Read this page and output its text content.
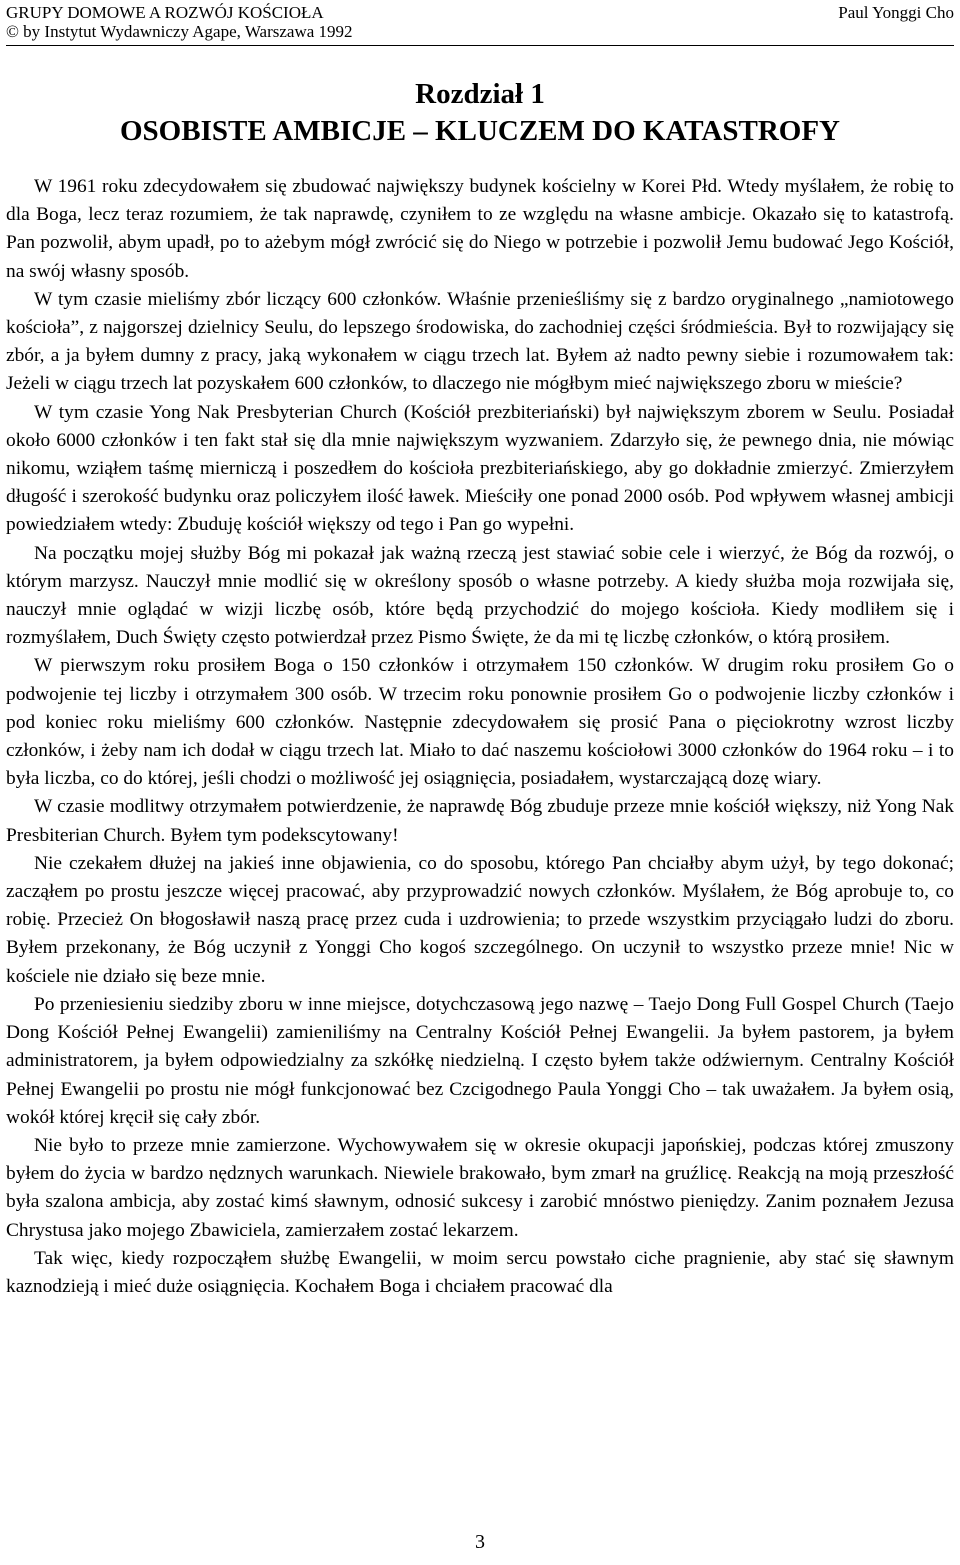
GRUPY DOMOWE A ROZWÓJ KOŚCIOŁA	Paul Yonggi Cho
© by Instytut Wydawniczy Agape, Warszawa 1992
Rozdział 1
OSOBISTE AMBICJE – KLUCZEM DO KATASTROFY

W 1961 roku zdecydowałem się zbudować największy budynek kościelny w Korei Płd. Wtedy myślałem, że robię to dla Boga, lecz teraz rozumiem, że tak naprawdę, czyniłem to ze względu na własne ambicje. Okazało się to katastrofą. Pan pozwolił, abym upadł, po to ażebym mógł zwrócić się do Niego w potrzebie i pozwolił Jemu budować Jego Kościół, na swój własny sposób.

W tym czasie mieliśmy zbór liczący 600 członków. Właśnie przenieśliśmy się z bardzo oryginalnego „namiotowego kościoła”, z najgorszej dzielnicy Seulu, do lepszego środowiska, do zachodniej części śródmieścia. Był to rozwijający się zbór, a ja byłem dumny z pracy, jaką wykonałem w ciągu trzech lat. Byłem aż nadto pewny siebie i rozumowałem tak: Jeżeli w ciągu trzech lat pozyskałem 600 członków, to dlaczego nie mógłbym mieć największego zboru w mieście?

W tym czasie Yong Nak Presbyterian Church (Kościół prezbiteriański) był największym zborem w Seulu. Posiadał około 6000 członków i ten fakt stał się dla mnie największym wyzwaniem. Zdarzyło się, że pewnego dnia, nie mówiąc nikomu, wziąłem taśmę mierniczą i poszedłem do kościoła prezbiteriańskiego, aby go dokładnie zmierzyć. Zmierzyłem długość i szerokość budynku oraz policzyłem ilość ławek. Mieściły one ponad 2000 osób. Pod wpływem własnej ambicji powiedziałem wtedy: Zbuduję kościół większy od tego i Pan go wypełni.

Na początku mojej służby Bóg mi pokazał jak ważną rzeczą jest stawiać sobie cele i wierzyć, że Bóg da rozwój, o którym marzysz. Nauczył mnie modlić się w określony sposób o własne potrzeby. A kiedy służba moja rozwijała się, nauczył mnie oglądać w wizji liczbę osób, które będą przychodzić do mojego kościoła. Kiedy modliłem się i rozmyślałem, Duch Święty często potwierdzał przez Pismo Święte, że da mi tę liczbę członków, o którą prosiłem.

W pierwszym roku prosiłem Boga o 150 członków i otrzymałem 150 członków. W drugim roku prosiłem Go o podwojenie tej liczby i otrzymałem 300 osób. W trzecim roku ponownie prosiłem Go o podwojenie liczby członków i pod koniec roku mieliśmy 600 członków. Następnie zdecydowałem się prosić Pana o pięciokrotny wzrost liczby członków, i żeby nam ich dodał w ciągu trzech lat. Miało to dać naszemu kościołowi 3000 członków do 1964 roku – i to była liczba, co do której, jeśli chodzi o możliwość jej osiągnięcia, posiadałem, wystarczającą dozę wiary.

W czasie modlitwy otrzymałem potwierdzenie, że naprawdę Bóg zbuduje przeze mnie kościół większy, niż Yong Nak Presbiterian Church. Byłem tym podekscytowany!

Nie czekałem dłużej na jakieś inne objawienia, co do sposobu, którego Pan chciałby abym użył, by tego dokonać; zacząłem po prostu jeszcze więcej pracować, aby przyprowadzić nowych członków. Myślałem, że Bóg aprobuje to, co robię. Przecież On błogosławił naszą pracę przez cuda i uzdrowienia; to przede wszystkim przyciągało ludzi do zboru. Byłem przekonany, że Bóg uczynił z Yonggi Cho kogoś szczególnego. On uczynił to wszystko przeze mnie! Nic w kościele nie działo się beze mnie.

Po przeniesieniu siedziby zboru w inne miejsce, dotychczasową jego nazwę – Taejo Dong Full Gospel Church (Taejo Dong Kościół Pełnej Ewangelii) zamieniliśmy na Centralny Kościół Pełnej Ewangelii. Ja byłem pastorem, ja byłem administratorem, ja byłem odpowiedzialny za szkółkę niedzielną. I często byłem także odźwiernym. Centralny Kościół Pełnej Ewangelii po prostu nie mógł funkcjonować bez Czcigodnego Paula Yonggi Cho – tak uważałem. Ja byłem osią, wokół której kręcił się cały zbór.

Nie było to przeze mnie zamierzone. Wychowywałem się w okresie okupacji japońskiej, podczas której zmuszony byłem do życia w bardzo nędznych warunkach. Niewiele brakowało, bym zmarł na gruźlicę. Reakcją na moją przeszłość była szalona ambicja, aby zostać kimś sławnym, odnosić sukcesy i zarobić mnóstwo pieniędzy. Zanim poznałem Jezusa Chrystusa jako mojego Zbawiciela, zamierzałem zostać lekarzem.

Tak więc, kiedy rozpocząłem służbę Ewangelii, w moim sercu powstało ciche pragnienie, aby stać się sławnym kaznodzieją i mieć duże osiągnięcia. Kochałem Boga i chciałem pracować dla

3
